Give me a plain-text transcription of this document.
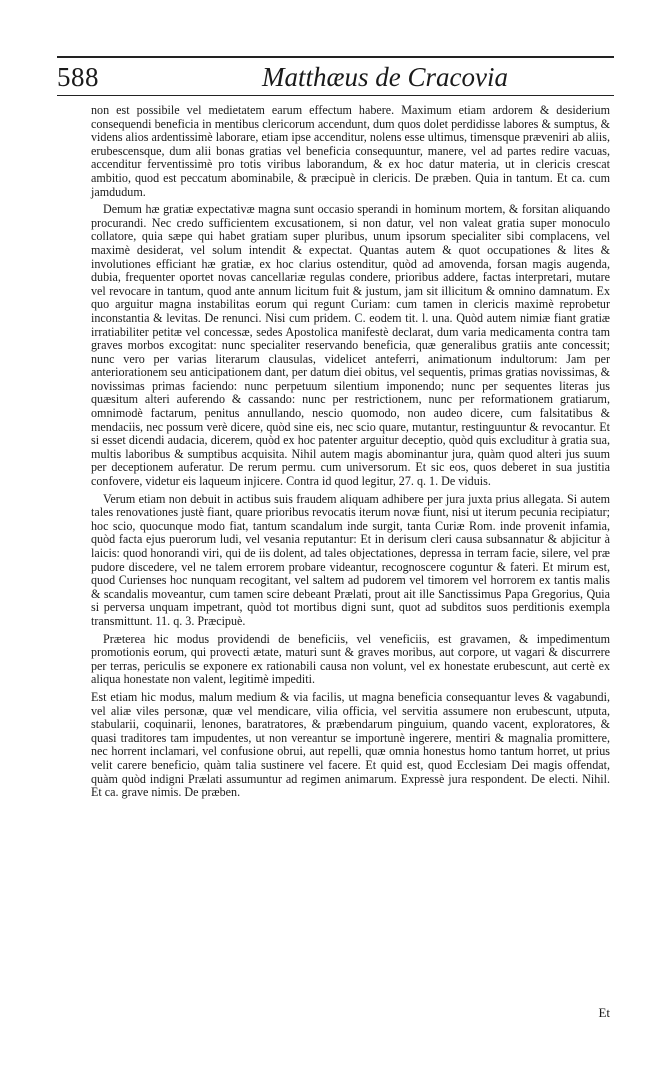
588	Matthæus de Cracovia

non est possibile vel medietatem earum effectum habere. Maximum etiam ardorem & desiderium consequendi beneficia in mentibus clericorum accendunt, dum quos dolet perdidisse labores & sumptus, & videns alios ardentissimè laborare, etiam ipse accenditur, nolens esse ultimus, timensque præveniri ab aliis, erubescensque, dum alii bonas gratias vel beneficia consequuntur, manere, vel ad partes redire vacuas, accenditur ferventissimè pro totis viribus laborandum, & ex hoc datur materia, ut in clericis crescat ambitio, quod est peccatum abominabile, & præcipuè in clericis. De præben. Quia in tantum. Et ca. cum jamdudum.

Demum hæ gratiæ expectativæ magna sunt occasio sperandi in hominum mortem, & forsitan aliquando procurandi. Nec credo sufficientem excusationem, si non datur, vel non valeat gratia super monoculo collatore, quia sæpe qui habet gratiam super pluribus, unum ipsorum specialiter sibi complacens, vel maximè desiderat, vel solum intendit & expectat. Quantas autem & quot occupationes & lites & involutiones efficiant hæ gratiæ, ex hoc clarius ostenditur, quòd ad amovenda, forsan magis augenda, dubia, frequenter oportet novas cancellariæ regulas condere, prioribus addere, factas interpretari, mutare vel revocare in tantum, quod ante annum licitum fuit & justum, jam sit illicitum & omnino damnatum. Ex quo arguitur magna instabilitas eorum qui regunt Curiam: cum tamen in clericis maximè reprobetur inconstantia & levitas. De renunci. Nisi cum pridem. C. eodem tit. l. una. Quòd autem nimiæ fiant gratiæ irratiabiliter petitæ vel concessæ, sedes Apostolica manifestè declarat, dum varia medicamenta contra tam graves morbos excogitat: nunc specialiter reservando beneficia, quæ generalibus gratiis ante concessit; nunc vero per varias literarum clausulas, videlicet anteferri, animationum indultorum: Jam per anteriorationem seu anticipationem dant, per datum diei obitus, vel sequentis, primas gratias novissimas, & novissimas primas faciendo: nunc perpetuum silentium imponendo; nunc per sequentes literas jus quæsitum alteri auferendo & cassando: nunc per restrictionem, nunc per reformationem gratiarum, omnimodè factarum, penitus annullando, nescio quomodo, non audeo dicere, cum falsitatibus & mendaciis, nec possum verè dicere, quòd sine eis, nec scio quare, mutantur, restinguuntur & revocantur. Et si esset dicendi audacia, dicerem, quòd ex hoc patenter arguitur deceptio, quòd quis excluditur à gratia sua, multis laboribus & sumptibus acquisita. Nihil autem magis abominantur jura, quàm quod alteri jus suum per deceptionem auferatur. De rerum permu. cum universorum. Et sic eos, quos deberet in sua justitia confovere, videtur eis laqueum injicere. Contra id quod legitur, 27. q. 1. De viduis.

Verum etiam non debuit in actibus suis fraudem aliquam adhibere per jura juxta prius allegata. Si autem tales renovationes justè fiant, quare prioribus revocatis iterum novæ fiunt, nisi ut iterum pecunia recipiatur; hoc scio, quocunque modo fiat, tantum scandalum inde surgit, tanta Curiæ Rom. inde provenit infamia, quòd facta ejus puerorum ludi, vel vesania reputantur: Et in derisum cleri causa subsannatur & abjicitur à laicis: quod honorandi viri, qui de iis dolent, ad tales objectationes, depressa in terram facie, silere, vel præ pudore discedere, vel ne talem errorem probare videantur, recognoscere coguntur & fateri. Et mirum est, quod Curienses hoc nunquam recogitant, vel saltem ad pudorem vel timorem vel horrorem ex tantis malis & scandalis moveantur, cum tamen scire debeant Prælati, prout ait ille Sanctissimus Papa Gregorius, Quia si perversa unquam impetrant, quòd tot mortibus digni sunt, quot ad subditos suos perditionis exempla transmittunt. 11. q. 3. Præcipuè.

Præterea hic modus providendi de beneficiis, vel veneficiis, est gravamen, & impedimentum promotionis eorum, qui provecti ætate, maturi sunt & graves moribus, aut corpore, ut vagari & discurrere per terras, periculis se exponere ex rationabili causa non volunt, vel ex honestate erubescunt, aut certè ex aliqua honestate non valent, legitimè impediti.

Est etiam hic modus, malum medium & via facilis, ut magna beneficia consequantur leves & vagabundi, vel aliæ viles personæ, quæ vel mendicare, vilia officia, vel servitia assumere non erubescunt, utputa, stabularii, coquinarii, lenones, baratratores, & præbendarum pinguium, quando vacent, exploratores, & quasi traditores tam impudentes, ut non vereantur se importunè ingerere, mentiri & magnalia promittere, nec horrent inclamari, vel confusione obrui, aut repelli, quæ omnia honestus homo tantum horret, ut prius velit carere beneficio, quàm talia sustinere vel facere. Et quid est, quod Ecclesiam Dei magis offendat, quàm quòd indigni Prælati assumuntur ad regimen animarum. Expressè jura respondent. De electi. Nihil. Et ca. grave nimis. De præben.

Et
